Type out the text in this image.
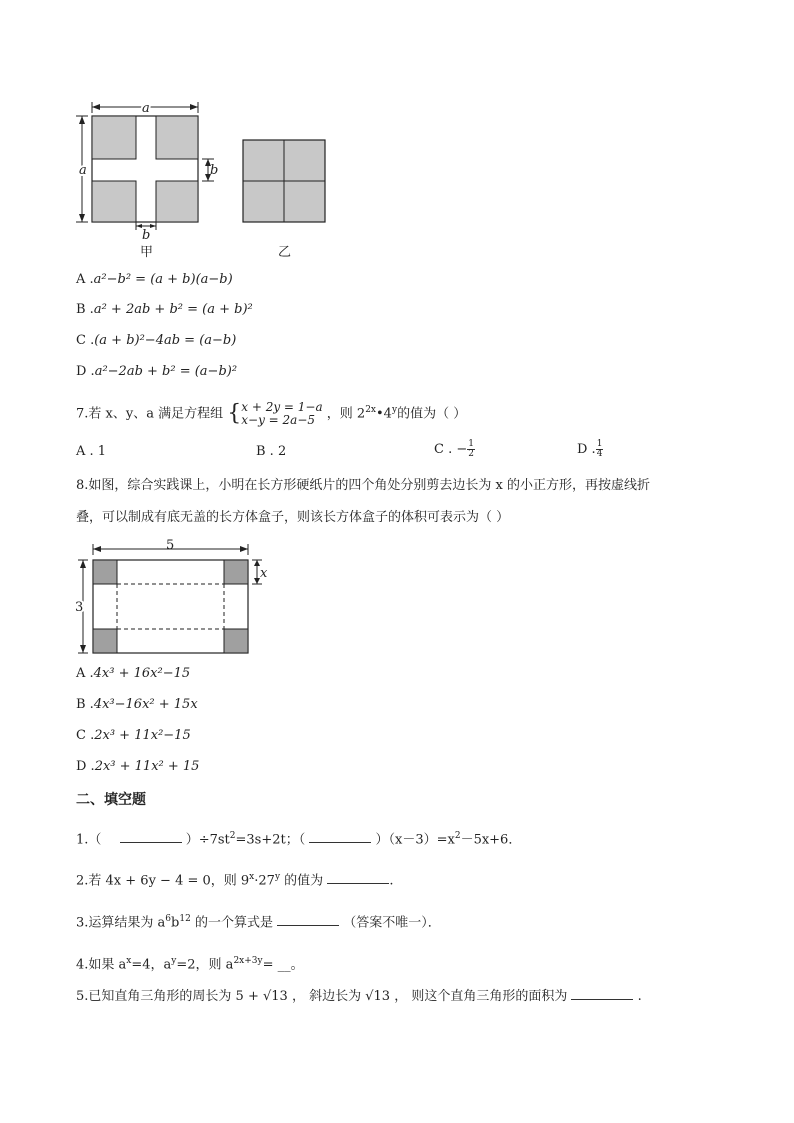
a
a	b
b
甲	乙
A .a²−b² = (a + b)(a−b)
B .a² + 2ab + b² = (a + b)²
C .(a + b)²−4ab = (a−b)
D .a²−2ab + b² = (a−b)²
7.若 x、y、a 满足方程组 {x + 2y = 1−a
x−y = 2a−5 ，则 $2^{2x}•4^y$的值为（ ）
A . 1	B . 2	C . − $\frac{1}{2}$	D . $\frac{1}{4}$
8.如图，综合实践课上，小明在长方形硬纸片的四个角处分别剪去边长为 x 的小正方形，再按虚线折
叠，可以制成有底无盖的长方体盒子，则该长方体盒子的体积可表示为（ ）
5
3
x
A .4x³ + 16x²−15
B .4x³−16x² + 15x
C .2x³ + 11x²−15
D .2x³ + 11x² + 15
二、填空题
1.（	）$\div 7st^2=3s+2t$；（	）$(x-3)=x^2-5x+6$．
2.若 4x + 6y − 4 = 0，则 $9^x\cdot 27^y$ 的值为	.
3.运算结果为 $a^6b^{12}$ 的一个算式是	（答案不唯一）．
4.如果 $a^x=4$，$a^y=2$，则 $a^{2x+3y}=$ __。
5.已知直角三角形的周长为 5 + √13 ， 斜边长为 √13 ， 则这个直角三角形的面积为	.
